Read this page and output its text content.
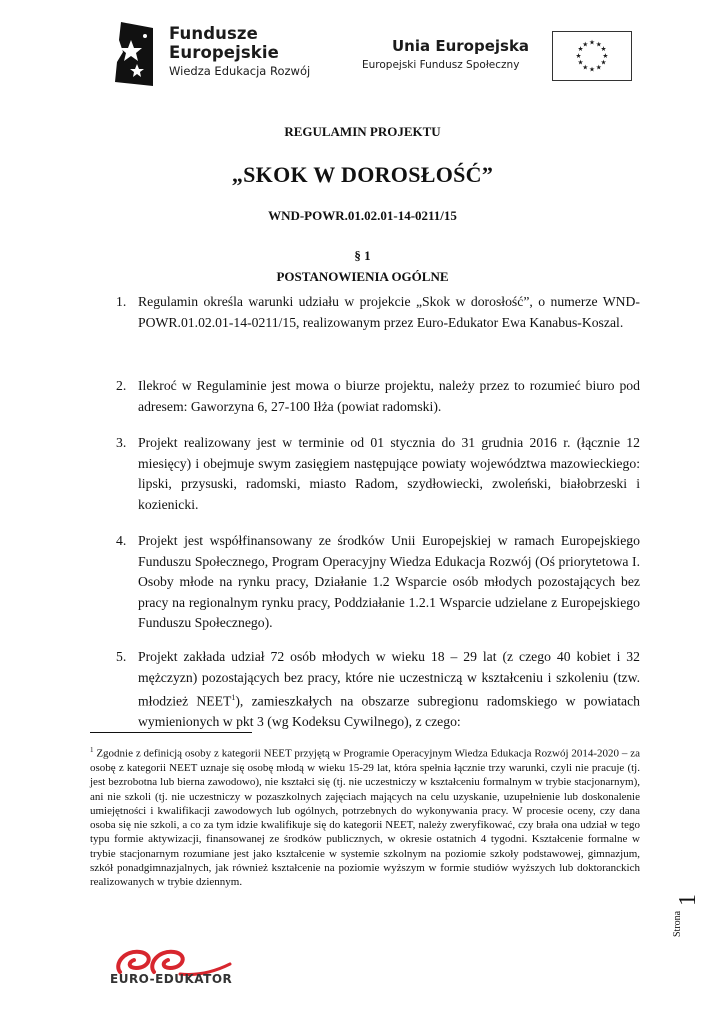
Fundusze
Europejskie
Wiedza Edukacja Rozwój
Unia Europejska
Europejski Fundusz Społeczny
★ ★
★
★
★
★
★
★
★
★
★
★
REGULAMIN PROJEKTU
„SKOK W DOROSŁOŚĆ”
WND-POWR.01.02.01-14-0211/15
§ 1
POSTANOWIENIA OGÓLNE
1. Regulamin określa warunki udziału w projekcie „Skok w dorosłość”, o numerze WND-POWR.01.02.01-14-0211/15, realizowanym przez Euro-Edukator Ewa Kanabus-Koszal.
2. Ilekroć w Regulaminie jest mowa o biurze projektu, należy przez to rozumieć biuro pod adresem: Gaworzyna 6, 27-100 Iłża (powiat radomski).
3. Projekt realizowany jest w terminie od 01 stycznia do 31 grudnia 2016 r. (łącznie 12 miesięcy) i obejmuje swym zasięgiem następujące powiaty województwa mazowieckiego: lipski, przysuski, radomski, miasto Radom, szydłowiecki, zwoleński, białobrzeski i kozienicki.
4. Projekt jest współfinansowany ze środków Unii Europejskiej w ramach Europejskiego Funduszu Społecznego, Program Operacyjny Wiedza Edukacja Rozwój (Oś priorytetowa I. Osoby młode na rynku pracy, Działanie 1.2 Wsparcie osób młodych pozostających bez pracy na regionalnym rynku pracy, Poddziałanie 1.2.1 Wsparcie udzielane z Europejskiego Funduszu Społecznego).
5. Projekt zakłada udział 72 osób młodych w wieku 18 – 29 lat (z czego 40 kobiet i 32 mężczyzn) pozostających bez pracy, które nie uczestniczą w kształceniu i szkoleniu (tzw. młodzież NEET$^1$), zamieszkałych na obszarze subregionu radomskiego w powiatach wymienionych w pkt 3 (wg Kodeksu Cywilnego), z czego:
$^1$ Zgodnie z definicją osoby z kategorii NEET przyjętą w Programie Operacyjnym Wiedza Edukacja Rozwój 2014-2020 – za osobę z kategorii NEET uznaje się osobę młodą w wieku 15-29 lat, która spełnia łącznie trzy warunki, czyli nie pracuje (tj. jest bezrobotna lub bierna zawodowo), nie kształci się (tj. nie uczestniczy w kształceniu formalnym w trybie stacjonarnym), ani nie szkoli (tj. nie uczestniczy w pozaszkolnych zajęciach mających na celu uzyskanie, uzupełnienie lub doskonalenie umiejętności i kwalifikacji zawodowych lub ogólnych, potrzebnych do wykonywania pracy. W procesie oceny, czy dana osoba się nie szkoli, a co za tym idzie kwalifikuje się do kategorii NEET, należy zweryfikować, czy brała ona udział w tego typu formie aktywizacji, finansowanej ze środków publicznych, w okresie ostatnich 4 tygodni. Kształcenie formalne w trybie stacjonarnym rozumiane jest jako kształcenie w systemie szkolnym na poziomie szkoły podstawowej, gimnazjum, szkół ponadgimnazjalnych, jak również kształcenie na poziomie wyższym w formie studiów wyższych lub doktoranckich realizowanych w trybie dziennym.
Strona
1
EURO-EDUKATOR
